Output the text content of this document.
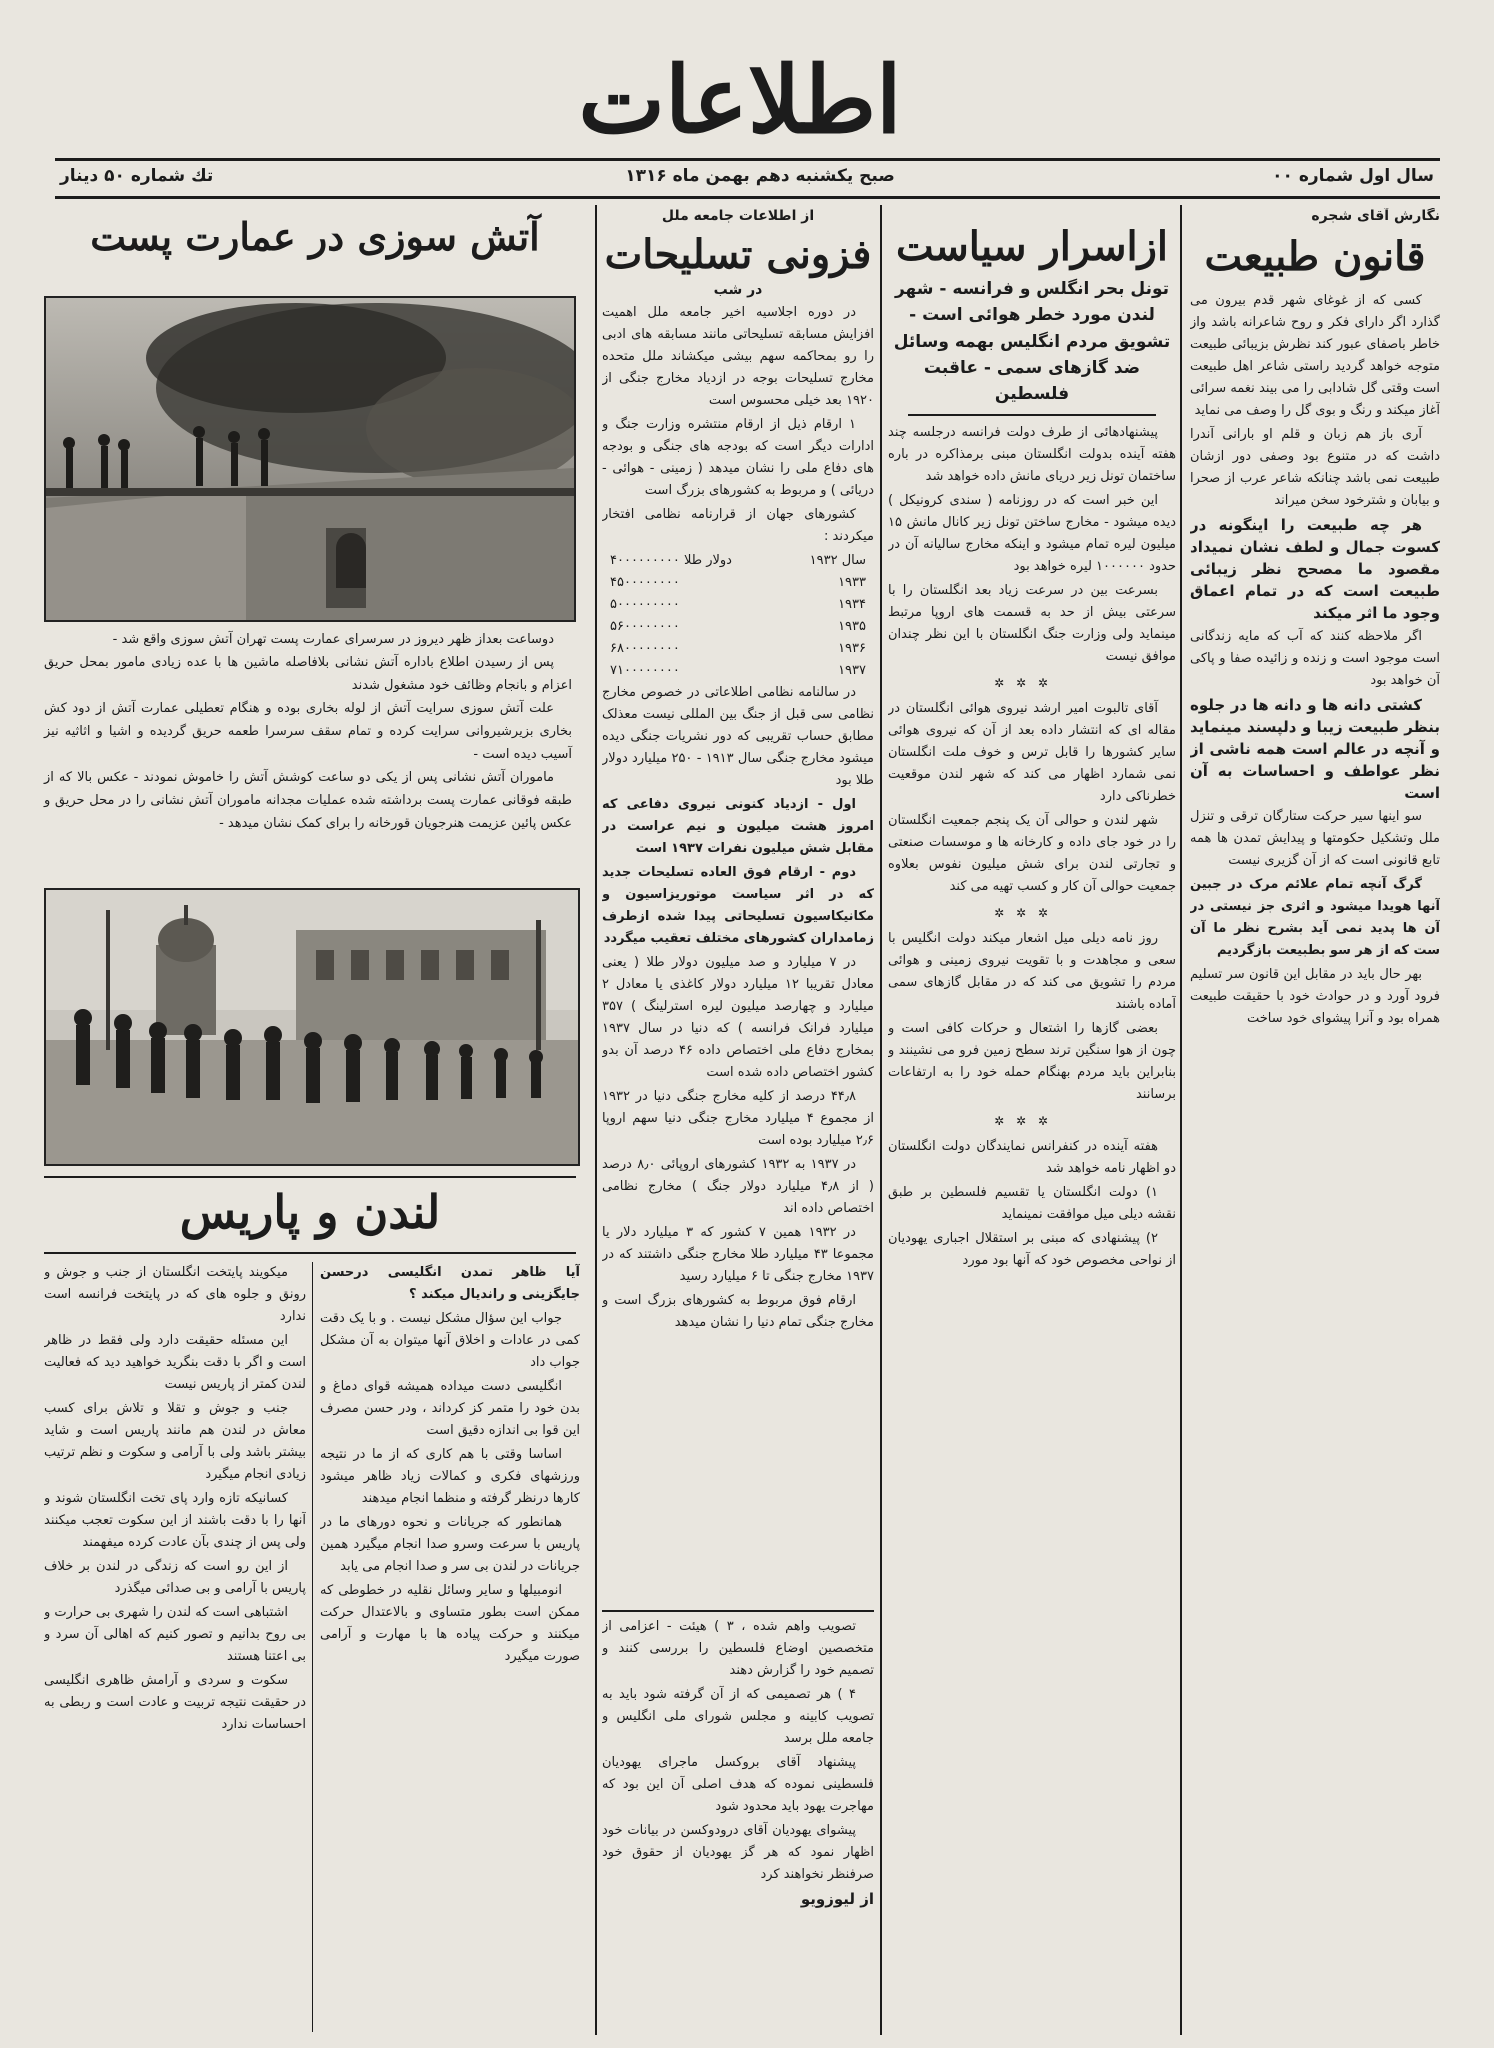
اطلاعات
سال اول شماره ۰۰
صبح یکشنبه دهم بهمن ماه ۱۳۱۶
تك شماره ۵۰ دینار
نگارش آقای شجره
قانون طبیعت

کسی که از غوغای شهر قدم بیرون می گذارد اگر دارای فکر و روح شاعرانه باشد واز خاطر باصفای عبور کند نظرش بزیبائی طبیعت متوجه خواهد گردید راستی شاعر اهل طبیعت است وقتی گل شادابی را می بیند نغمه سرائی آغاز میکند و رنگ و بوی گل را وصف می نماید

آری باز هم زبان و قلم او بارانی آندرا داشت که در متنوع بود وصفی دور ازشان طبیعت نمی باشد چنانکه شاعر عرب از صحرا و بیابان و شترخود سخن میراند

هر چه طبیعت را اینگونه در کسوت جمال و لطف نشان نمیداد مقصود ما مصحح نظر زیبائی طبیعت است که در تمام اعماق وجود ما اثر میکند

اگر ملاحظه کنند که آب که مایه زندگانی است موجود است و زنده و زائیده صفا و پاکی آن خواهد بود

کشتی دانه ها و دانه ها در جلوه بنظر طبیعت زیبا و دلپسند مینماید و آنچه در عالم است همه ناشی از نظر عواطف و احساسات به آن است

سو اینها سیر حرکت ستارگان ترقی و تنزل ملل وتشکیل حکومتها و پیدایش تمدن ها همه تابع قانونی است که از آن گزیری نیست

گرگ آنچه تمام علائم مرک در جبین آنها هویدا میشود و اثری جز نیستی در آن ها پدید نمی آید بشرح نظر ما آن ست که از هر سو بطبیعت بازگردیم

بهر حال باید در مقابل این قانون سر تسلیم فرود آورد و در حوادث خود با حقیقت طبیعت همراه بود و آنرا پیشوای خود ساخت

ازاسرار سیاست
تونل بحر انگلس و فرانسه - شهر لندن مورد خطر هوائی است - تشویق مردم انگلیس بهمه وسائل ضد گازهای سمی - عاقبت فلسطین

پیشنهادهائی از طرف دولت فرانسه درجلسه چند هفته آینده بدولت انگلستان مبنی برمذاکره در باره ساختمان تونل زیر دریای مانش داده خواهد شد

این خبر است که در روزنامه ( سندی کرونیکل ) دیده میشود - مخارج ساختن تونل زیر کانال مانش ۱۵ میلیون لیره تمام میشود و اینکه مخارج سالیانه آن در حدود ۱۰۰۰۰۰۰ لیره خواهد بود

بسرعت بین در سرعت زیاد بعد انگلستان را با سرعتی بیش از حد به قسمت های اروپا مرتبط مینماید ولی وزارت جنگ انگلستان با این نظر چندان موافق نیست

✲ ✲ ✲

آقای تالبوت امیر ارشد نیروی هوائی انگلستان در مقاله ای که انتشار داده بعد از آن که نیروی هوائی سایر کشورها را قابل ترس و خوف ملت انگلستان نمی شمارد اظهار می کند که شهر لندن موقعیت خطرناکی دارد

شهر لندن و حوالی آن یک پنجم جمعیت انگلستان را در خود جای داده و کارخانه ها و موسسات صنعتی و تجارتی لندن برای شش میلیون نفوس بعلاوه جمعیت حوالی آن کار و کسب تهیه می کند

✲ ✲ ✲

روز نامه دیلی میل اشعار میکند دولت انگلیس با سعی و مجاهدت و با تقویت نیروی زمینی و هوائی مردم را تشویق می کند که در مقابل گازهای سمی آماده باشند

بعضی گازها را اشتعال و حرکات کافی است و چون از هوا سنگین ترند سطح زمین فرو می نشینند و بنابراین باید مردم بهنگام حمله خود را به ارتفاعات برسانند

✲ ✲ ✲

هفته آینده در کنفرانس نمایندگان دولت انگلستان دو اظهار نامه خواهد شد

۱) دولت انگلستان یا تقسیم فلسطین بر طبق نقشه دیلی میل موافقت نمینماید

۲) پیشنهادی که مبنی بر استقلال اجباری یهودیان از نواحی مخصوص خود که آنها بود مورد

از اطلاعات جامعه ملل
فزونی تسلیحات
در شب

در دوره اجلاسیه اخیر جامعه ملل اهمیت افزایش مسابقه تسلیحاتی مانند مسابقه های ادبی را رو بمحاکمه سهم بیشی میکشاند ملل متحده مخارج تسلیحات بوجه در ازدیاد مخارج جنگی از ۱۹۲۰ بعد خیلی محسوس است

۱ ارقام ذیل از ارقام منتشره وزارت جنگ و ادارات دیگر است که بودجه های جنگی و بودجه های دفاع ملی را نشان میدهد ( زمینی - هوائی - دریائی ) و مربوط به کشورهای بزرگ است

کشورهای جهان از قرارنامه نظامی افتخار میکردند :

۴۰۰۰۰۰۰۰۰۰ دولار طلا	سال ۱۹۳۲
۴۵۰۰۰۰۰۰۰۰	۱۹۳۳
۵۰۰۰۰۰۰۰۰۰	۱۹۳۴
۵۶۰۰۰۰۰۰۰۰	۱۹۳۵
۶۸۰۰۰۰۰۰۰۰	۱۹۳۶
۷۱۰۰۰۰۰۰۰۰	۱۹۳۷

در سالنامه نظامی اطلاعاتی در خصوص مخارج نظامی سی قبل از جنگ بین المللی نیست معذلک مطابق حساب تقریبی که دور نشریات جنگی دیده میشود مخارج جنگی سال ۱۹۱۳ - ۲۵۰ میلیارد دولار طلا بود

اول - ازدیاد کنونی نیروی دفاعی که امروز هشت میلیون و نیم عراست در مقابل شش میلیون نفرات ۱۹۳۷ است

دوم - ارقام فوق العاده تسلیحات جدید که در اثر سیاست موتوریزاسیون و مکانیکاسیون تسلیحاتی پیدا شده ازطرف زمامداران کشورهای مختلف تعقیب میگردد

در ۷ میلیارد و صد میلیون دولار طلا ( یعنی معادل تقریبا ۱۲ میلیارد دولار کاغذی یا معادل ۲ میلیارد و چهارصد میلیون لیره استرلینگ ) ۳۵۷ میلیارد فرانک فرانسه ) که دنیا در سال ۱۹۳۷ بمخارج دفاع ملی اختصاص داده ۴۶ درصد آن بدو کشور اختصاص داده شده است

۴۴٫۸ درصد از کلیه مخارج جنگی دنیا در ۱۹۳۲ از مجموع ۴ میلیارد مخارج جنگی دنیا سهم اروپا ۲٫۶ میلیارد بوده است

در ۱۹۳۷ به ۱۹۳۲ کشورهای اروپائی ۸٫۰ درصد ( از ۴٫۸ میلیارد دولار جنگ ) مخارج نظامی اختصاص داده اند

در ۱۹۳۲ همین ۷ کشور که ۳ میلیارد دلار یا مجموعا ۴۳ میلیارد طلا مخارج جنگی داشتند که در ۱۹۳۷ مخارج جنگی تا ۶ میلیارد رسید

ارقام فوق مربوط به کشورهای بزرگ است و مخارج جنگی تمام دنیا را نشان میدهد

تصویب واهم شده ، ۳ ) هیئت - اعزامی از متخصصین اوضاع فلسطین را بررسی کنند و تصمیم خود را گزارش دهند

۴ ) هر تصمیمی که از آن گرفته شود باید به تصویب کابینه و مجلس شورای ملی انگلیس و جامعه ملل برسد

پیشنهاد آقای بروکسل ماجرای یهودیان فلسطینی نموده که هدف اصلی آن این بود که مهاجرت یهود باید محدود شود

پیشوای یهودیان آقای درودوکسن در بیانات خود اظهار نمود که هر گز یهودیان از حقوق خود صرفنظر نخواهند کرد

از لیوزویو

آتش سوزی در عمارت پست
دوساعت بعداز ظهر دیروز در سرسرای عمارت پست تهران آتش سوزی واقع شد -
پس از رسیدن اطلاع باداره آتش نشانی بلافاصله ماشین ها با عده زیادی مامور بمحل حریق اعزام و بانجام وظائف خود مشغول شدند
علت آتش سوزی سرایت آتش از لوله بخاری بوده و هنگام تعطیلی عمارت آتش از دود کش بخاری بزیرشیروانی سرایت کرده و تمام سقف سرسرا طعمه حریق گردیده و اشیا و اثاثیه نیز آسیب دیده است -
ماموران آتش نشانی پس از یکی دو ساعت کوشش آتش را خاموش نمودند - عکس بالا که از طبقه فوقانی عمارت پست برداشته شده عملیات مجدانه ماموران آتش نشانی را در محل حریق و عکس پائین عزیمت هنرجویان قورخانه را برای کمک نشان میدهد -
لندن و پاریس

آیا ظاهر تمدن انگلیسی درحسن جایگزینی و راندیال میکند ؟

جواب این سؤال مشکل نیست . و با یک دقت کمی در عادات و اخلاق آنها میتوان به آن مشکل جواب داد

انگلیسی دست میداده همیشه قوای دماغ و بدن خود را متمر کز کرداند ، ودر حسن مصرف این قوا بی اندازه دقیق است

اساسا وقتی با هم کاری که از ما در نتیجه ورزشهای فکری و کمالات زیاد ظاهر میشود کارها درنظر گرفته و منظما انجام میدهند

همانطور که جریانات و نحوه دورهای ما در پاریس با سرعت وسرو صدا انجام میگیرد همین جریانات در لندن بی سر و صدا انجام می یابد

انومبیلها و سایر وسائل نقلیه در خطوطی که ممکن است بطور متساوی و بالاعتدال حرکت میکنند و حرکت پیاده ها با مهارت و آرامی صورت میگیرد

میکویند پایتخت انگلستان از جنب و جوش و رونق و جلوه های که در پایتخت فرانسه است ندارد

این مسئله حقیقت دارد ولی فقط در ظاهر است و اگر با دقت بنگرید خواهید دید که فعالیت لندن کمتر از پاریس نیست

جنب و جوش و تقلا و تلاش برای کسب معاش در لندن هم مانند پاریس است و شاید بیشتر باشد ولی با آرامی و سکوت و نظم ترتیب زیادی انجام میگیرد

کسانیکه تازه وارد پای تخت انگلستان شوند و آنها را با دقت باشند از این سکوت تعجب میکنند ولی پس از چندی بآن عادت کرده میفهمند

از این رو است که زندگی در لندن بر خلاف پاریس با آرامی و بی صدائی میگذرد

اشتباهی است که لندن را شهری بی حرارت و بی روح بدانیم و تصور کنیم که اهالی آن سرد و بی اعتنا هستند

سکوت و سردی و آرامش ظاهری انگلیسی در حقیقت نتیجه تربیت و عادت است و ربطی به احساسات ندارد
